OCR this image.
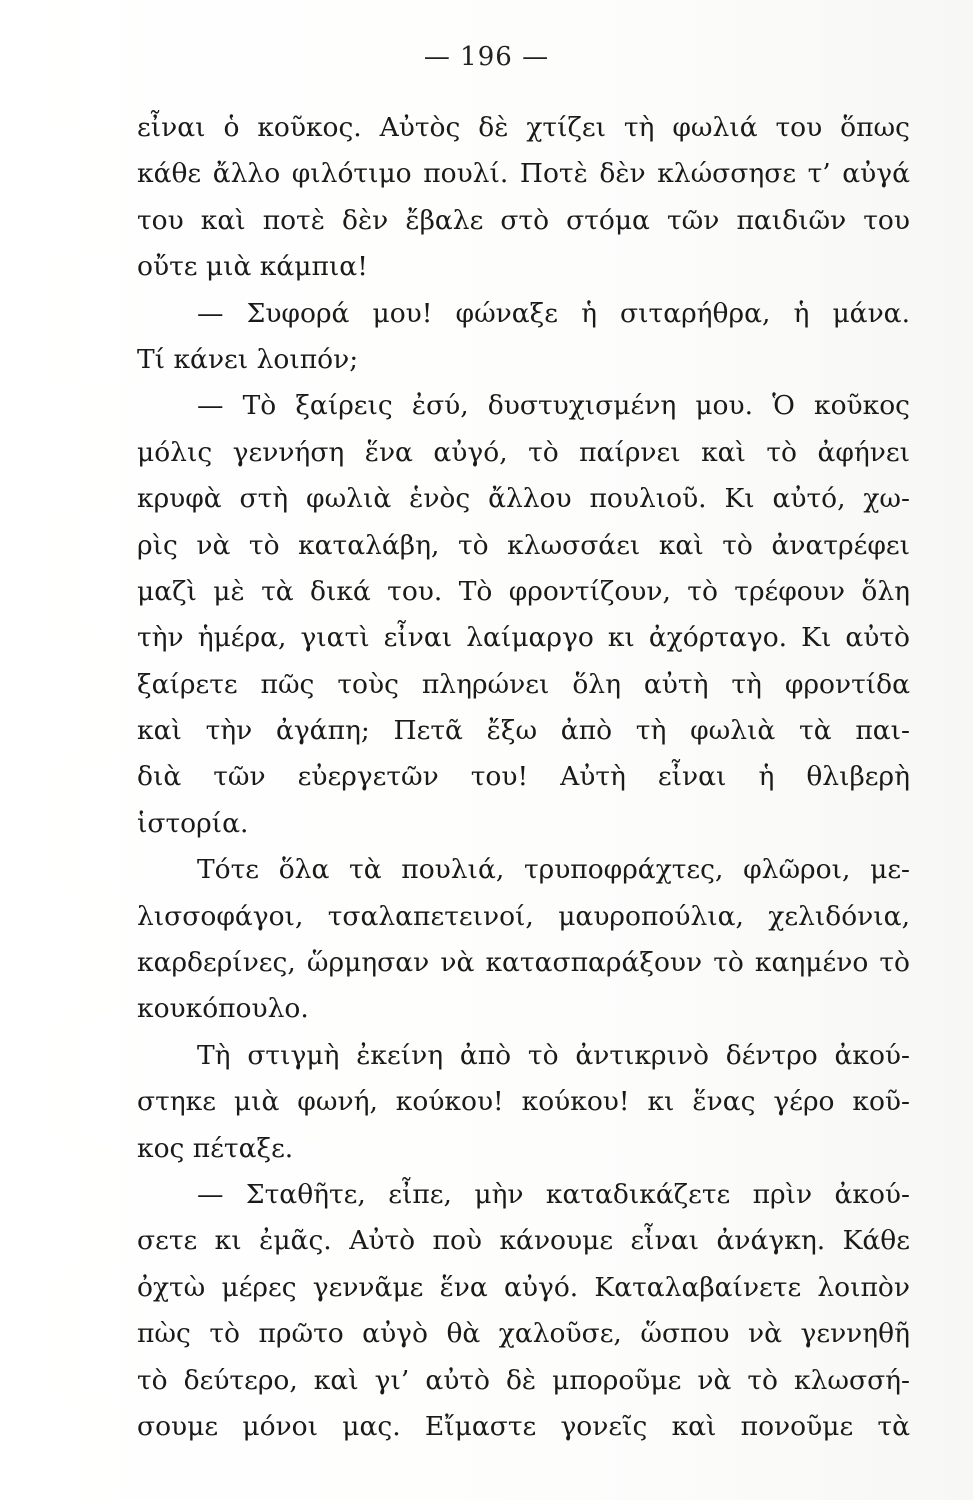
— 196 —
εἶναι ὁ κοῦκος. Αὐτὸς δὲ χτίζει τὴ φωλιά του ὅπως
κάθε ἄλλο φιλότιμο πουλί. Ποτὲ δὲν κλώσσησε τ’ αὐγά
του καὶ ποτὲ δὲν ἔβαλε στὸ στόμα τῶν παιδιῶν του
οὔτε μιὰ κάμπια!
— Συφορά μου! φώναξε ἡ σιταρήθρα, ἡ μάνα.
Τί κάνει λοιπόν;
— Τὸ ξαίρεις ἐσύ, δυστυχισμένη μου. Ὁ κοῦκος
μόλις γεννήση ἕνα αὐγό, τὸ παίρνει καὶ τὸ ἀφήνει
κρυφὰ στὴ φωλιὰ ἑνὸς ἄλλου πουλιοῦ. Κι αὐτό, χω-
ρὶς νὰ τὸ καταλάβη, τὸ κλωσσάει καὶ τὸ ἀνατρέφει
μαζὶ μὲ τὰ δικά του. Τὸ φροντίζουν, τὸ τρέφουν ὅλη
τὴν ἡμέρα, γιατὶ εἶναι λαίμαργο κι ἀχόρταγο. Κι αὐτὸ
ξαίρετε πῶς τοὺς πληρώνει ὅλη αὐτὴ τὴ φροντίδα
καὶ τὴν ἀγάπη; Πετᾶ ἔξω ἀπὸ τὴ φωλιὰ τὰ παι-
διὰ τῶν εὐεργετῶν του! Αὐτὴ εἶναι ἡ θλιβερὴ
ἱστορία.
Τότε ὅλα τὰ πουλιά, τρυποφράχτες, φλῶροι, με-
λισσοφάγοι, τσαλαπετεινοί, μαυροπούλια, χελιδόνια,
καρδερίνες, ὥρμησαν νὰ κατασπαράξουν τὸ καημένο τὸ
κουκόπουλο.
Τὴ στιγμὴ ἐκείνη ἀπὸ τὸ ἀντικρινὸ δέντρο ἀκού-
στηκε μιὰ φωνή, κούκου! κούκου! κι ἕνας γέρο κοῦ-
κος πέταξε.
— Σταθῆτε, εἶπε, μὴν καταδικάζετε πρὶν ἀκού-
σετε κι ἐμᾶς. Αὐτὸ ποὺ κάνουμε εἶναι ἀνάγκη. Κάθε
ὀχτὼ μέρες γεννᾶμε ἕνα αὐγό. Καταλαβαίνετε λοιπὸν
πὼς τὸ πρῶτο αὐγὸ θὰ χαλοῦσε, ὥσπου νὰ γεννηθῆ
τὸ δεύτερο, καὶ γι’ αὐτὸ δὲ μποροῦμε νὰ τὸ κλωσσή-
σουμε μόνοι μας. Εἴμαστε γονεῖς καὶ πονοῦμε τὰ
